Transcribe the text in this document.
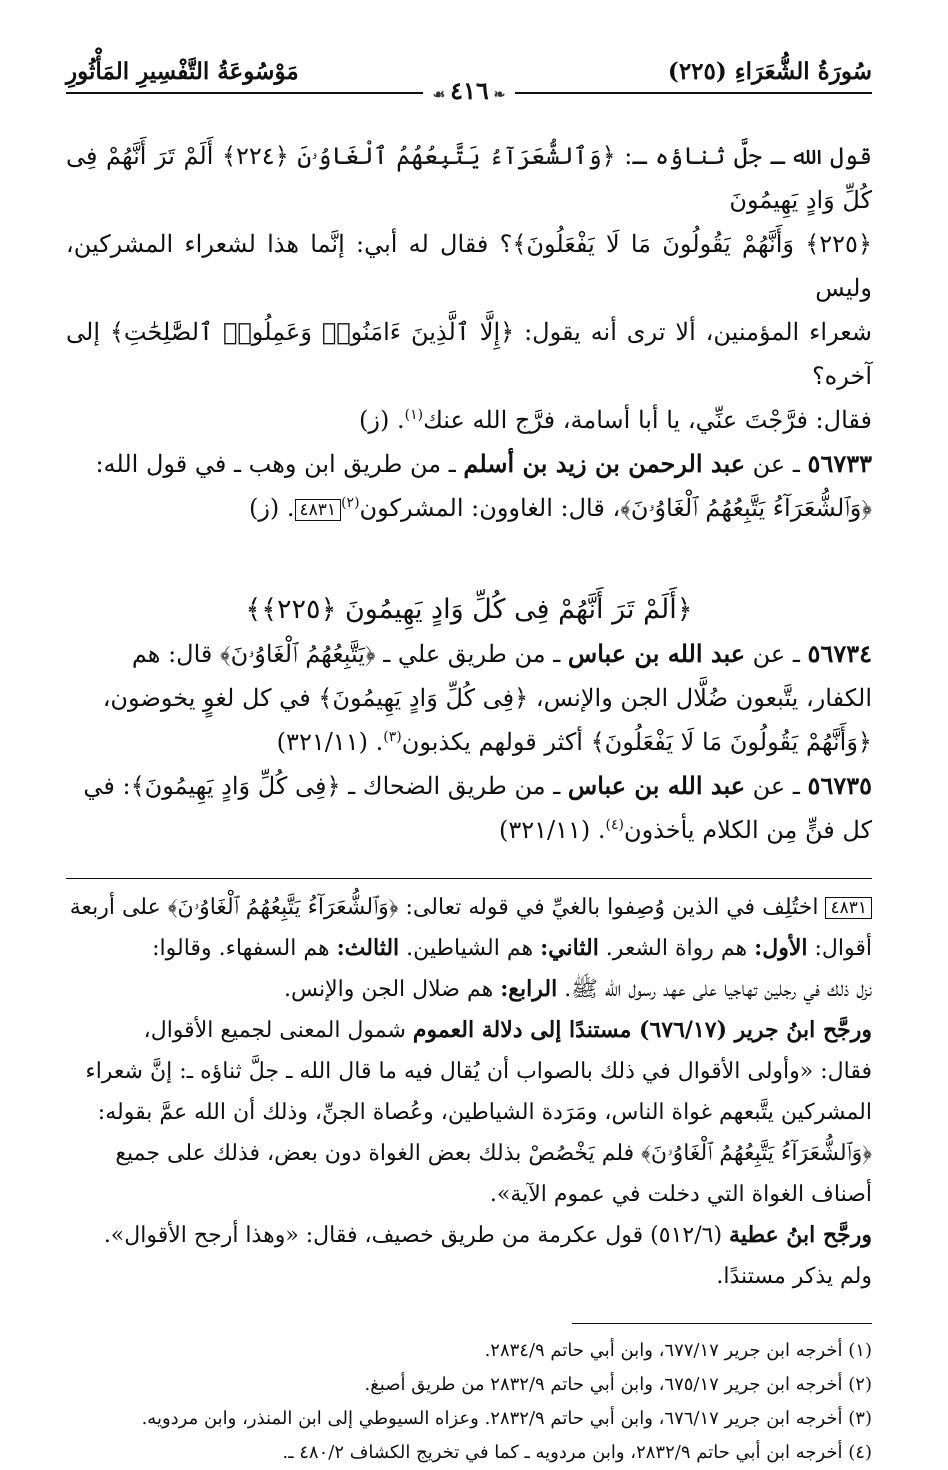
سُورَةُ الشُّعَرَاءِ (٢٢٥)
مَوْسُوعَةُ التَّفْسِيرِ المَأْثُورِ
❧ ٤١٦ ☙

قول الله ـ جلَّ ثناؤه ـ: ﴿وَٱلشُّعَرَآءُ يَتَّبِعُهُمُ ٱلْغَاوُۥنَ ﴿٢٢٤﴾ أَلَمْ تَرَ أَنَّهُمْ فِى كُلِّ وَادٍ يَهِيمُونَ

﴿٢٢٥﴾ وَأَنَّهُمْ يَقُولُونَ مَا لَا يَفْعَلُونَ﴾؟ فقال له أبي: إنَّما هذا لشعراء المشركين، وليس

شعراء المؤمنين، ألا ترى أنه يقول: ﴿إِلَّا ٱلَّذِينَ ءَامَنُوا۟ وَعَمِلُوا۟ ٱلصَّٰلِحَٰتِ﴾ إلى آخره؟

فقال: فرَّجْتَ عنِّي، يا أبا أسامة، فرَّج الله عنك$^{(١)}$. (ز)

٥٦٧٣٣ ـ عن عبد الرحمن بن زيد بن أسلم ـ من طريق ابن وهب ـ في قول الله:

﴿وَٱلشُّعَرَآءُ يَتَّبِعُهُمُ ٱلْغَاوُۥنَ﴾، قال: الغاوون: المشركون$^{(٢)}$٤٨٣١. (ز)

﴿أَلَمْ تَرَ أَنَّهُمْ فِى كُلِّ وَادٍ يَهِيمُونَ ﴿٢٢٥﴾﴾

٥٦٧٣٤ ـ عن عبد الله بن عباس ـ من طريق علي ـ ﴿يَتَّبِعُهُمُ ٱلْغَاوُۥنَ﴾ قال: هم

الكفار، يتَّبعون ضُلَّال الجن والإنس، ﴿فِى كُلِّ وَادٍ يَهِيمُونَ﴾ في كل لغوٍ يخوضون،

﴿وَأَنَّهُمْ يَقُولُونَ مَا لَا يَفْعَلُونَ﴾ أكثر قولهم يكذبون$^{(٣)}$. (٣٢١/١١)

٥٦٧٣٥ ـ عن عبد الله بن عباس ـ من طريق الضحاك ـ ﴿فِى كُلِّ وَادٍ يَهِيمُونَ﴾: في

كل فنٍّ مِن الكلام يأخذون$^{(٤)}$. (٣٢١/١١)

٤٨٣١ اختُلِف في الذين وُصِفوا بالغيِّ في قوله تعالى: ﴿وَٱلشُّعَرَآءُ يَتَّبِعُهُمُ ٱلْغَاوُۥنَ﴾ على أربعة

أقوال: الأول: هم رواة الشعر. الثاني: هم الشياطين. الثالث: هم السفهاء. وقالوا:

نزل ذلك في رجلين تهاجيا على عهد رسول الله ﷺ. الرابع: هم ضلال الجن والإنس.

ورجَّح ابنُ جرير (٦٧٦/١٧) مستندًا إلى دلالة العموم شمول المعنى لجميع الأقوال،

فقال: «وأولى الأقوال في ذلك بالصواب أن يُقال فيه ما قال الله ـ جلَّ ثناؤه ـ: إنَّ شعراء

المشركين يتَّبعهم غواة الناس، ومَرَدة الشياطين، وعُصاة الجنِّ، وذلك أن الله عمَّ بقوله:

﴿وَٱلشُّعَرَآءُ يَتَّبِعُهُمُ ٱلْغَاوُۥنَ﴾ فلم يَخْصُصْ بذلك بعض الغواة دون بعض، فذلك على جميع

أصناف الغواة التي دخلت في عموم الآية».

ورجَّح ابنُ عطية (٥١٢/٦) قول عكرمة من طريق خصيف، فقال: «وهذا أرجح الأقوال».

ولم يذكر مستندًا.

(١) أخرجه ابن جرير ٦٧٧/١٧، وابن أبي حاتم ٢٨٣٤/٩.

(٢) أخرجه ابن جرير ٦٧٥/١٧، وابن أبي حاتم ٢٨٣٢/٩ من طريق أصبغ.

(٣) أخرجه ابن جرير ٦٧٦/١٧، وابن أبي حاتم ٢٨٣٢/٩. وعزاه السيوطي إلى ابن المنذر، وابن مردويه.

(٤) أخرجه ابن أبي حاتم ٢٨٣٢/٩، وابن مردويه ـ كما في تخريج الكشاف ٤٨٠/٢ ـ.
